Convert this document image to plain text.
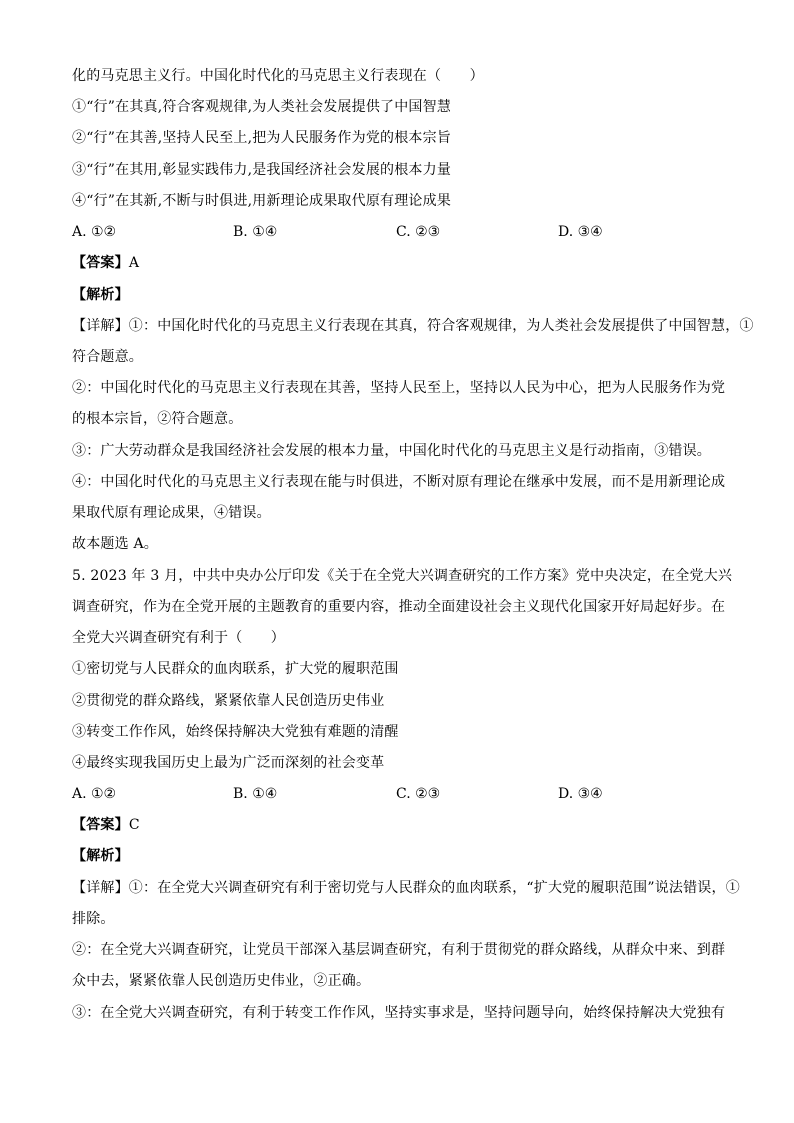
化的马克思主义行。中国化时代化的马克思主义行表现在（　　）
①“行”在其真,符合客观规律,为人类社会发展提供了中国智慧
②“行”在其善,坚持人民至上,把为人民服务作为党的根本宗旨
③“行”在其用,彰显实践伟力,是我国经济社会发展的根本力量
④“行”在其新,不断与时俱进,用新理论成果取代原有理论成果
A. ①②	B. ①④	C. ②③	D. ③④
【答案】A
【解析】
【详解】①：中国化时代化的马克思主义行表现在其真，符合客观规律，为人类社会发展提供了中国智慧，①
符合题意。
②：中国化时代化的马克思主义行表现在其善，坚持人民至上，坚持以人民为中心，把为人民服务作为党
的根本宗旨，②符合题意。
③：广大劳动群众是我国经济社会发展的根本力量，中国化时代化的马克思主义是行动指南，③错误。
④：中国化时代化的马克思主义行表现在能与时俱进，不断对原有理论在继承中发展，而不是用新理论成
果取代原有理论成果，④错误。
故本题选 A。
5. 2023 年 3 月，中共中央办公厅印发《关于在全党大兴调查研究的工作方案》党中央决定，在全党大兴
调查研究，作为在全党开展的主题教育的重要内容，推动全面建设社会主义现代化国家开好局起好步。在
全党大兴调查研究有利于（　　）
①密切党与人民群众的血肉联系，扩大党的履职范围
②贯彻党的群众路线，紧紧依靠人民创造历史伟业
③转变工作作风，始终保持解决大党独有难题的清醒
④最终实现我国历史上最为广泛而深刻的社会变革
A. ①②	B. ①④	C. ②③	D. ③④
【答案】C
【解析】
【详解】①：在全党大兴调查研究有利于密切党与人民群众的血肉联系，“扩大党的履职范围”说法错误，①
排除。
②：在全党大兴调查研究，让党员干部深入基层调查研究，有利于贯彻党的群众路线，从群众中来、到群
众中去，紧紧依靠人民创造历史伟业，②正确。
③：在全党大兴调查研究，有利于转变工作作风，坚持实事求是，坚持问题导向，始终保持解决大党独有
